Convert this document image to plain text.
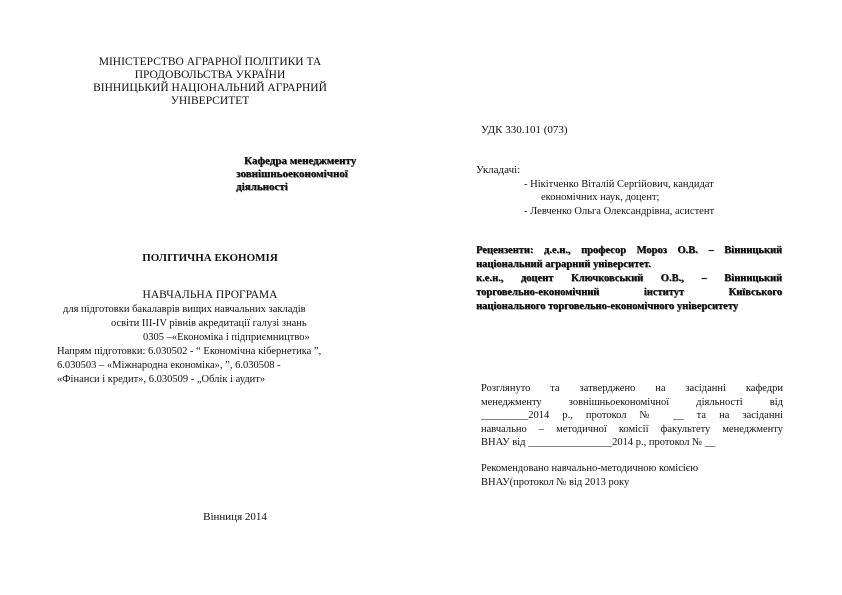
МІНІСТЕРСТВО АГРАРНОЇ ПОЛІТИКИ ТА
ПРОДОВОЛЬСТВА УКРАЇНИ
ВІННИЦЬКИЙ НАЦІОНАЛЬНИЙ АГРАРНИЙ
УНІВЕРСИТЕТ
Кафедра менеджменту
зовнішньоекономічної
діяльності
ПОЛІТИЧНА ЕКОНОМІЯ
НАВЧАЛЬНА ПРОГРАМА
для підготовки бакалаврів вищих навчальних закладів
освіти ІІІ-ІV рівнів акредитації галузі знань
0305 –«Економіка і підприємництво»
Напрям підготовки: 6.030502 - “ Економічна кібернетика ”,
6.030503 – «Міжнародна економіка», ”, 6.030508 -
«Фінанси і кредит», 6.030509 - „Облік і аудит»
Вінниця 2014
УДК 330.101 (073)
Укладачі:
- Нікітченко Віталій Сергійович, кандидат
економічних наук, доцент;
- Левченко Ольга Олександрівна, асистент
Рецензенти: д.е.н., професор Мороз О.В. – Вінницький
національний аграрний університет.
к.е.н., доцент Ключковський О.В., – Вінницький
торговельно-економічний інститут Київського
національного торговельно-економічного університету
Розглянуто та затверджено на засіданні кафедри
менеджменту зовнішньоекономічної діяльності від
_________2014 р., протокол № __ та на засіданні
навчально – методичної комісії факультету менеджменту
ВНАУ від ________________2014 р., протокол № __
Рекомендовано навчально-методичною комісією
ВНАУ(протокол № від 2013 року
